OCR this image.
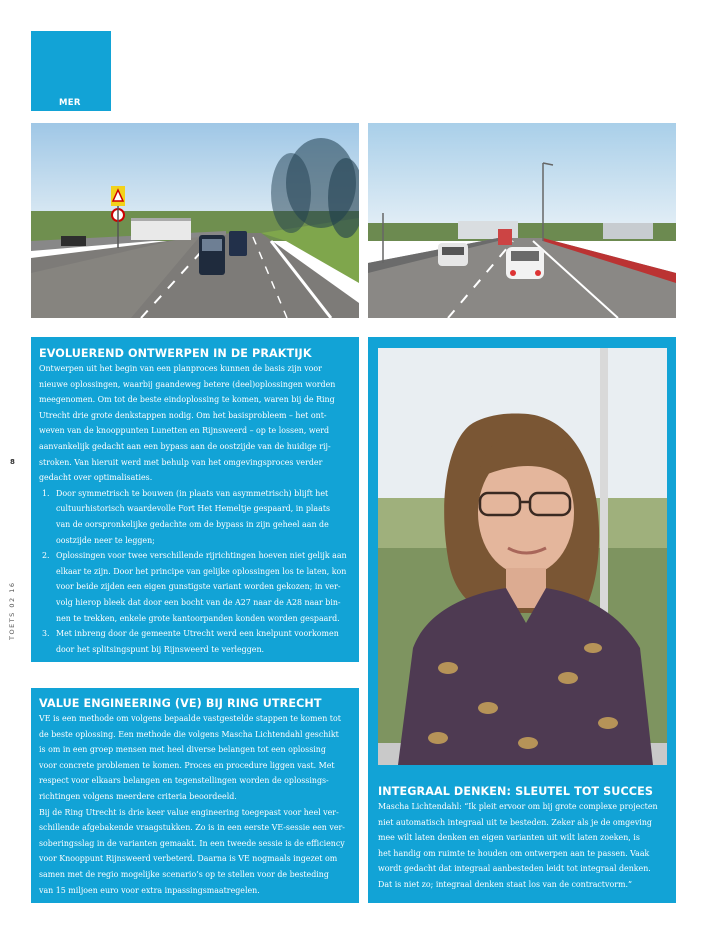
MER
EVOLUEREND ONTWERPEN IN DE PRAKTIJK

Ontwerpen uit het begin van een planproces kunnen de basis zijn voor

nieuwe oplossingen, waarbij gaandeweg betere (deel)oplossingen worden

meegenomen. Om tot de beste eindoplossing te komen, waren bij de Ring

Utrecht drie grote denkstappen nodig. Om het basisprobleem – het ont-

weven van de knooppunten Lunetten en Rijnsweerd – op te lossen, werd

aanvankelijk gedacht aan een bypass aan de oostzijde van de huidige rij-

stroken. Van hieruit werd met behulp van het omgevingsproces verder

gedacht over optimalisaties.

1. Door symmetrisch te bouwen (in plaats van asymmetrisch) blijft het
cultuurhistorisch waardevolle Fort Het Hemeltje gespaard, in plaats
van de oorspronkelijke gedachte om de bypass in zijn geheel aan de
oostzijde neer te leggen;
2. Oplossingen voor twee verschillende rijrichtingen hoeven niet gelijk aan
elkaar te zijn. Door het principe van gelijke oplossingen los te laten, kon
voor beide zijden een eigen gunstigste variant worden gekozen; in ver-
volg hierop bleek dat door een bocht van de A27 naar de A28 naar bin-
nen te trekken, enkele grote kantoorpanden konden worden gespaard.
3. Met inbreng door de gemeente Utrecht werd een knelpunt voorkomen
door het splitsingspunt bij Rijnsweerd te verleggen.
VALUE ENGINEERING (VE) BIJ RING UTRECHT

VE is een methode om volgens bepaalde vastgestelde stappen te komen tot

de beste oplossing. Een methode die volgens Mascha Lichtendahl geschikt

is om in een groep mensen met heel diverse belangen tot een oplossing

voor concrete problemen te komen. Proces en procedure liggen vast. Met

respect voor elkaars belangen en tegenstellingen worden de oplossings-

richtingen volgens meerdere criteria beoordeeld.

Bij de Ring Utrecht is drie keer value engineering toegepast voor heel ver-

schillende afgebakende vraagstukken. Zo is in een eerste VE-sessie een ver-

soberingsslag in de varianten gemaakt. In een tweede sessie is de efficiency

voor Knooppunt Rijnsweerd verbeterd. Daarna is VE nogmaals ingezet om

samen met de regio mogelijke scenario’s op te stellen voor de besteding

van 15 miljoen euro voor extra inpassingsmaatregelen.

INTEGRAAL DENKEN: SLEUTEL TOT SUCCES

Mascha Lichtendahl: “Ik pleit ervoor om bij grote complexe projecten

niet automatisch integraal uit te besteden. Zeker als je de omgeving

mee wilt laten denken en eigen varianten uit wilt laten zoeken, is

het handig om ruimte te houden om ontwerpen aan te passen. Vaak

wordt gedacht dat integraal aanbesteden leidt tot integraal denken.

Dat is niet zo; integraal denken staat los van de contractvorm.”

8
TOETS 02 16
